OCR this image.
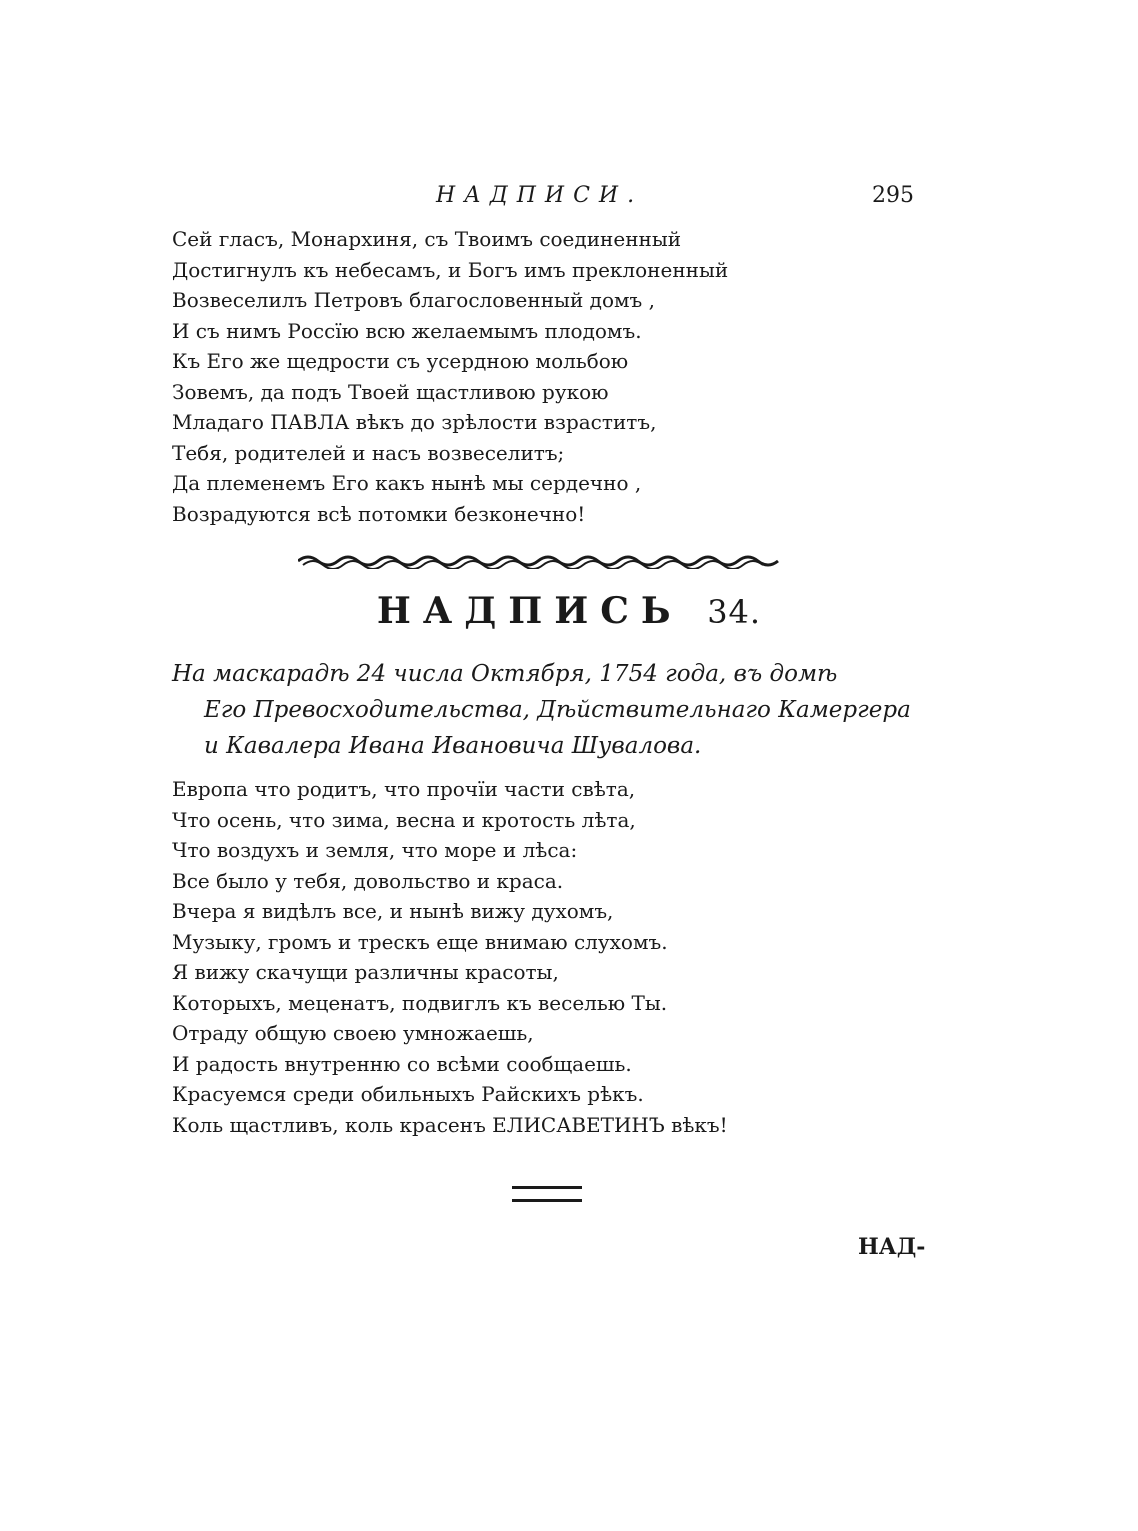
НАДПИСИ.	295
Сей гласъ, Монархиня, съ Твоимъ соединенный
Достигнулъ къ небесамъ, и Богъ имъ преклоненный
Возвеселилъ Петровъ благословенный домъ ,
И съ нимъ Россїю всю желаемымъ плодомъ.
Къ Его же щедрости съ усердною мольбою
Зовемъ, да подъ Твоей щастливою рукою
Младаго ПАВЛА вѣкъ до зрѣлости взраститъ,
Тебя, родителей и насъ возвеселитъ;
Да племенемъ Его какъ нынѣ мы сердечно ,
Возрадуются всѣ потомки безконечно!
НАДПИСЬ 34.
На маскарадѣ 24 числа Октября, 1754 года, въ домѣ
Его Превосходительства, Дѣйствительнаго Камергера
и Кавалера Ивана Ивановича Шувалова.
Европа что родитъ, что прочїи части свѣта,
Что осень, что зима, весна и кротость лѣта,
Что воздухъ и земля, что море и лѣса:
Все было у тебя, довольство и краса.
Вчера я видѣлъ все, и нынѣ вижу духомъ,
Музыку, громъ и трескъ еще внимаю слухомъ.
Я вижу скачущи различны красоты,
Которыхъ, меценатъ, подвиглъ къ веселью Ты.
Отраду общую своею умножаешь,
И радость внутренню со всѣми сообщаешь.
Красуемся среди обильныхъ Райскихъ рѣкъ.
Коль щастливъ, коль красенъ ЕЛИСАВЕТИНЪ вѣкъ!
НАД-
